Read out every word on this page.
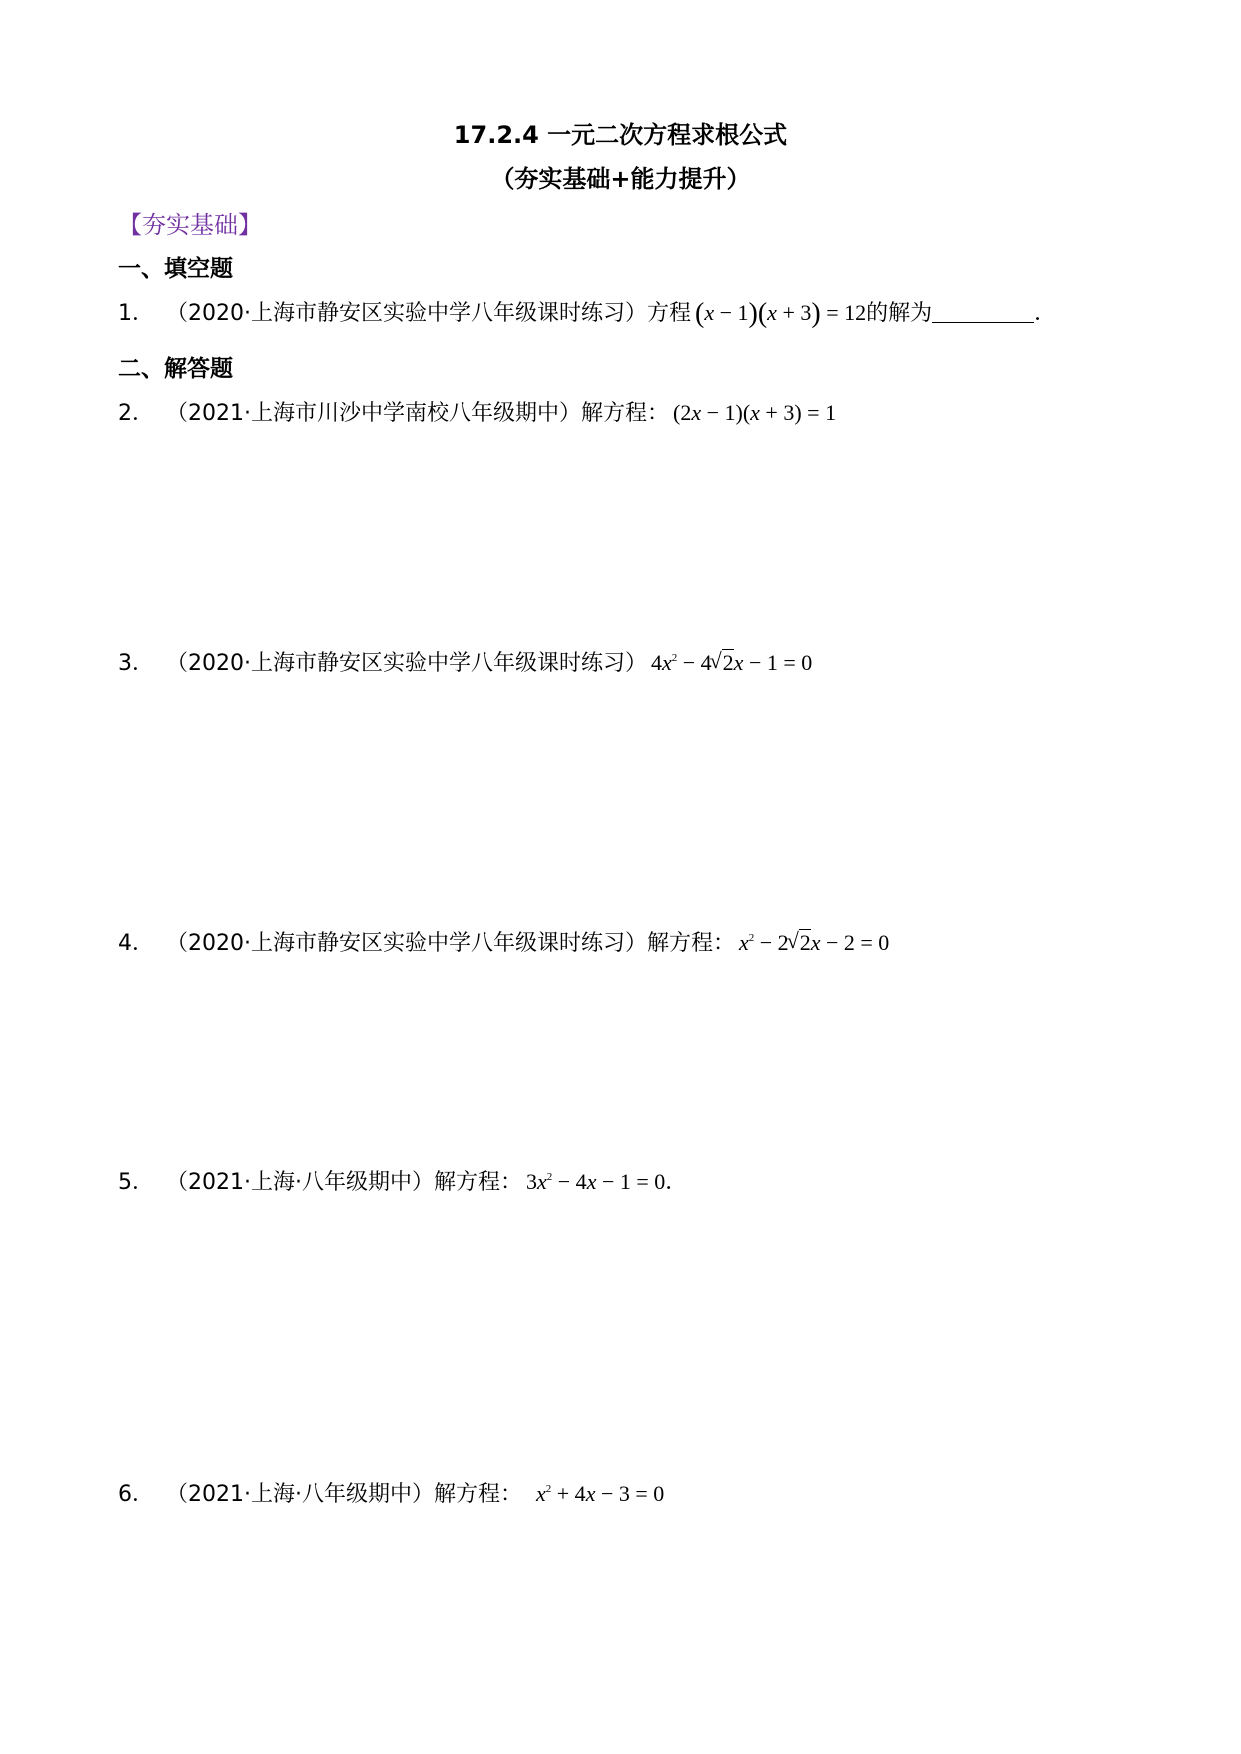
17.2.4 一元二次方程求根公式
（夯实基础+能力提升）
【夯实基础】
一、填空题
1． （2020·上海市静安区实验中学八年级课时练习）方程 (x − 1)(x + 3) = 12的解为	．
二、解答题
2． （2021·上海市川沙中学南校八年级期中）解方程： (2x − 1)(x + 3) = 1
3． （2020·上海市静安区实验中学八年级课时练习） $4x^2 - 4√$ 2x − 1 = 0
4． （2020·上海市静安区实验中学八年级课时练习）解方程： $x^2 - 2√$ 2x − 2 = 0
5． （2021·上海·八年级期中）解方程： $3x^2 - 4x - 1 = 0$．
6． （2021·上海·八年级期中）解方程： $x^2 + 4x - 3 = 0$
